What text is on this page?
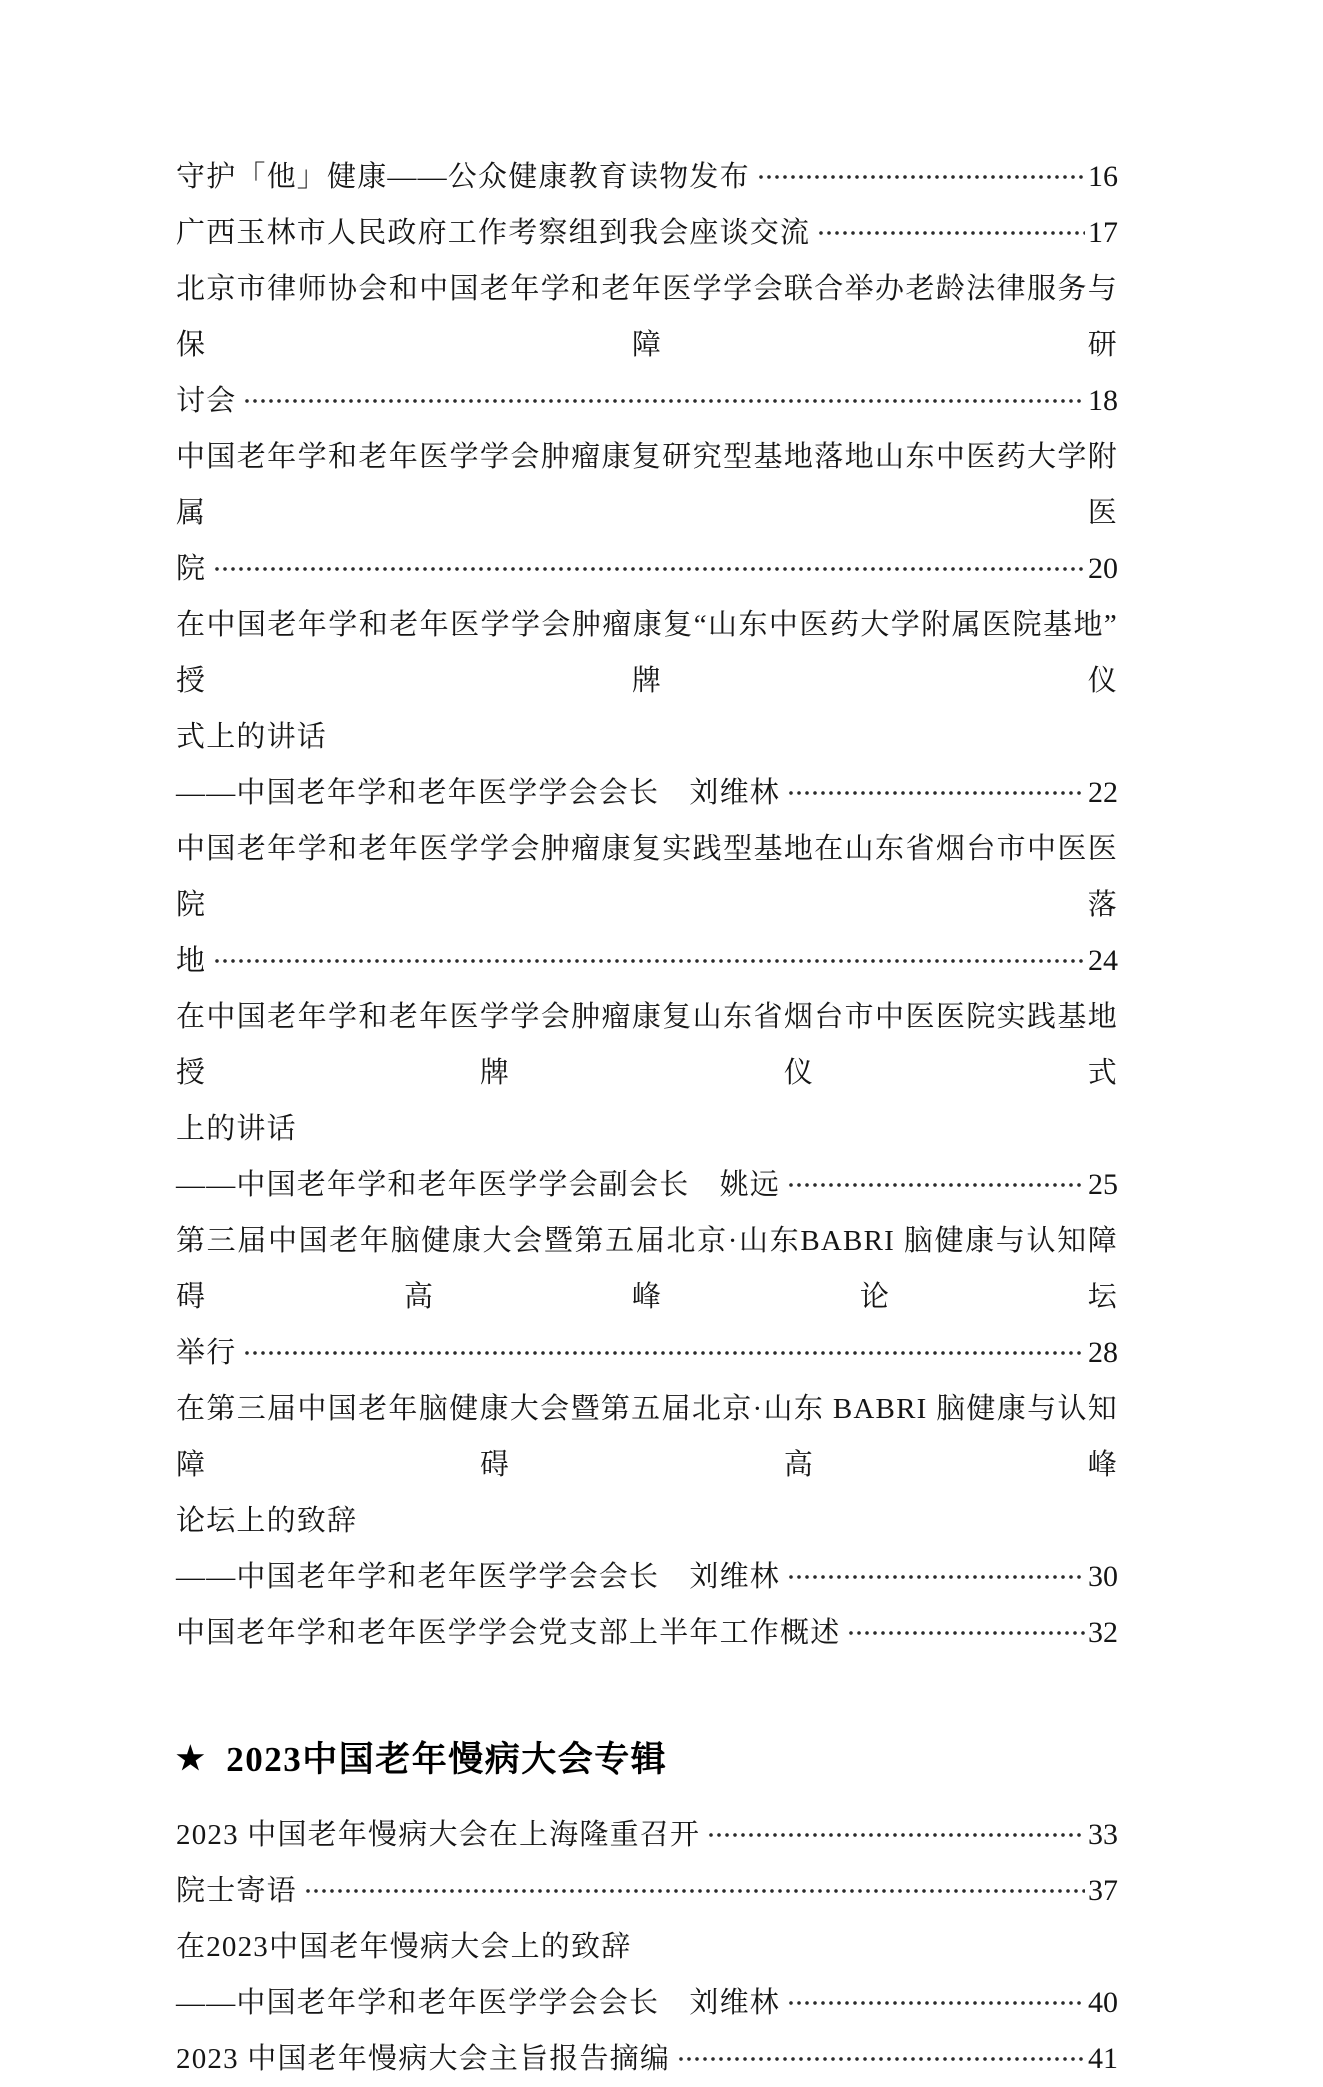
守护「他」健康——公众健康教育读物发布	16
广西玉林市人民政府工作考察组到我会座谈交流	17
北京市律师协会和中国老年学和老年医学学会联合举办老龄法律服务与保障研
讨会	18
中国老年学和老年医学学会肿瘤康复研究型基地落地山东中医药大学附属医
院	20
在中国老年学和老年医学学会肿瘤康复“山东中医药大学附属医院基地”授牌仪
式上的讲话
——中国老年学和老年医学学会会长　刘维林	22
中国老年学和老年医学学会肿瘤康复实践型基地在山东省烟台市中医医院落
地	24
在中国老年学和老年医学学会肿瘤康复山东省烟台市中医医院实践基地授牌仪式
上的讲话
——中国老年学和老年医学学会副会长　姚远	25
第三届中国老年脑健康大会暨第五届北京·山东BABRI 脑健康与认知障碍高峰论坛
举行	28
在第三届中国老年脑健康大会暨第五届北京·山东 BABRI 脑健康与认知障碍高峰
论坛上的致辞
——中国老年学和老年医学学会会长　刘维林	30
中国老年学和老年医学学会党支部上半年工作概述	32
★ 2023中国老年慢病大会专辑
2023 中国老年慢病大会在上海隆重召开	33
院士寄语	37
在2023中国老年慢病大会上的致辞
——中国老年学和老年医学学会会长　刘维林	40
2023 中国老年慢病大会主旨报告摘编	41
